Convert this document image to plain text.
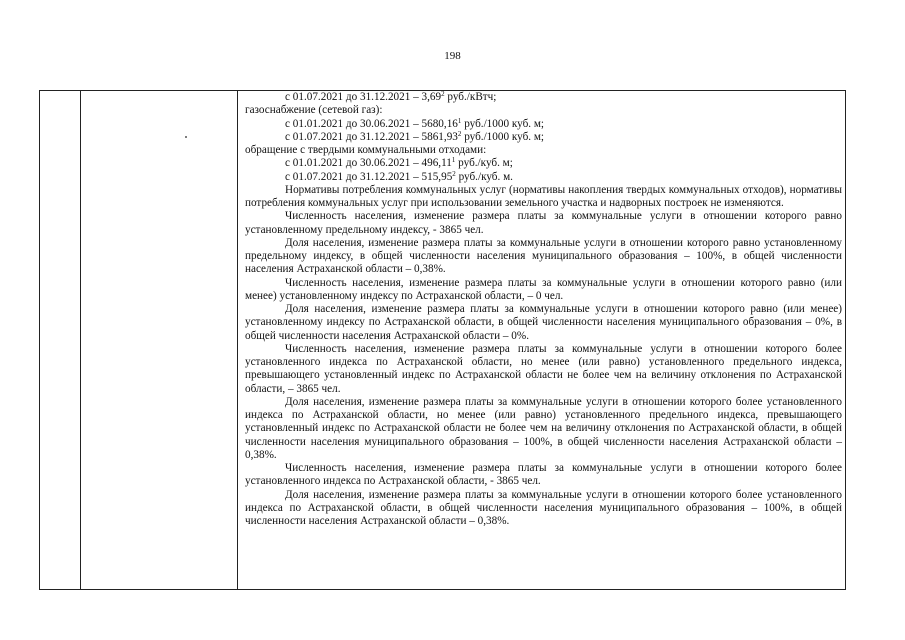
198
с 01.07.2021 до 31.12.2021 – 3,69$^2$ руб./кВтч;
газоснабжение (сетевой газ):
с 01.01.2021 до 30.06.2021 – 5680,16$^1$ руб./1000 куб. м;
с 01.07.2021 до 31.12.2021 – 5861,93$^2$ руб./1000 куб. м;
обращение с твердыми коммунальными отходами:
с 01.01.2021 до 30.06.2021 – 496,11$^1$ руб./куб. м;
с 01.07.2021 до 31.12.2021 – 515,95$^2$ руб./куб. м.
Нормативы потребления коммунальных услуг (нормативы накопления твердых коммунальных отходов), нормативы потребления коммунальных услуг при использовании земельного участка и надворных построек не изменяются.
Численность населения, изменение размера платы за коммунальные услуги в отношении которого равно установленному предельному индексу, - 3865 чел.
Доля населения, изменение размера платы за коммунальные услуги в отношении которого равно установленному предельному индексу, в общей численности населения муниципального образования – 100%, в общей численности населения Астраханской области – 0,38%.
Численность населения, изменение размера платы за коммунальные услуги в отношении которого равно (или менее) установленному индексу по Астраханской области, – 0 чел.
Доля населения, изменение размера платы за коммунальные услуги в отношении которого равно (или менее) установленному индексу по Астраханской области, в общей численности населения муниципального образования – 0%, в общей численности населения Астраханской области – 0%.
Численность населения, изменение размера платы за коммунальные услуги в отношении которого более установленного индекса по Астраханской области, но менее (или равно) установленного предельного индекса, превышающего установленный индекс по Астраханской области не более чем на величину отклонения по Астраханской области, – 3865 чел.
Доля населения, изменение размера платы за коммунальные услуги в отношении которого более установленного индекса по Астраханской области, но менее (или равно) установленного предельного индекса, превышающего установленный индекс по Астраханской области не более чем на величину отклонения по Астраханской области, в общей численности населения муниципального образования – 100%, в общей численности населения Астраханской области – 0,38%.
Численность населения, изменение размера платы за коммунальные услуги в отношении которого более установленного индекса по Астраханской области, - 3865 чел.
Доля населения, изменение размера платы за коммунальные услуги в отношении которого более установленного индекса по Астраханской области, в общей численности населения муниципального образования – 100%, в общей численности населения Астраханской области – 0,38%.
